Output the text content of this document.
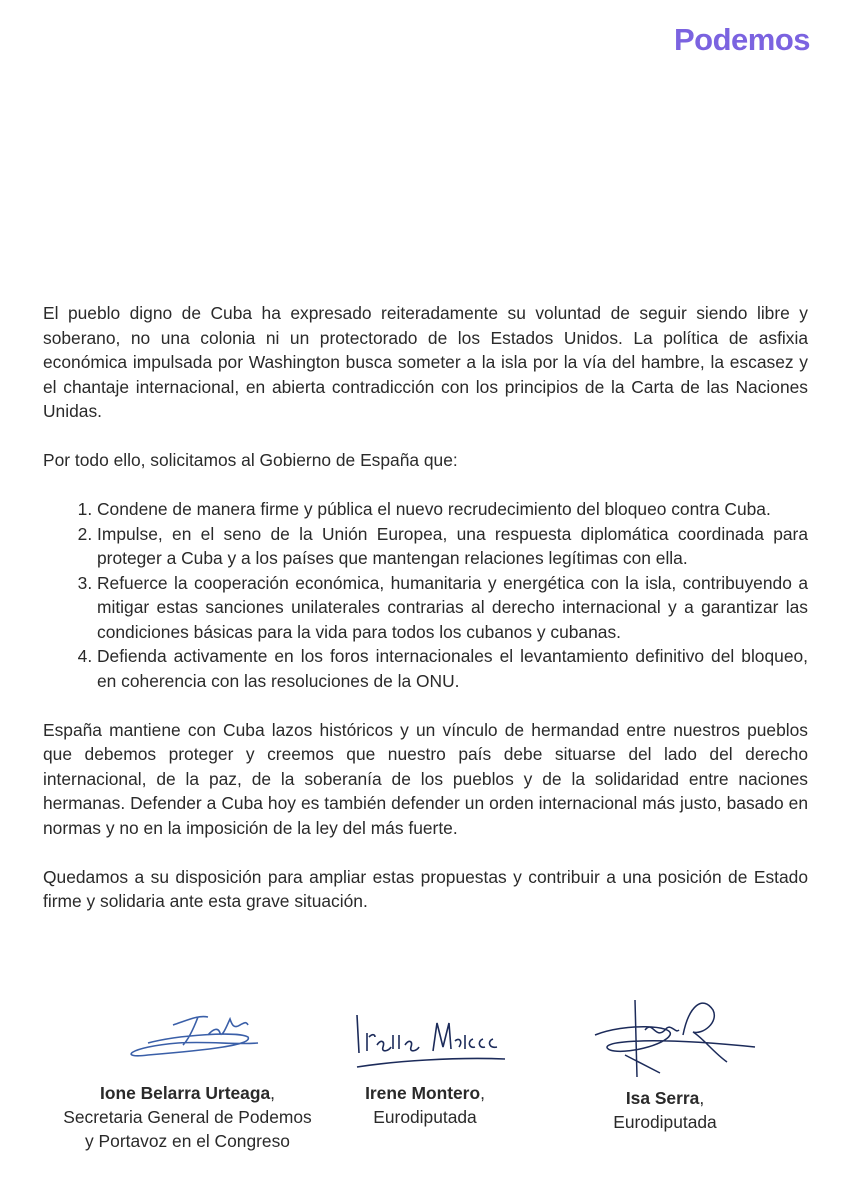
Podemos

El pueblo digno de Cuba ha expresado reiteradamente su voluntad de seguir siendo libre y soberano, no una colonia ni un protectorado de los Estados Unidos. La política de asfixia económica impulsada por Washington busca someter a la isla por la vía del hambre, la escasez y el chantaje internacional, en abierta contradicción con los principios de la Carta de las Naciones Unidas.

Por todo ello, solicitamos al Gobierno de España que:

1. Condene de manera firme y pública el nuevo recrudecimiento del bloqueo contra Cuba.
2. Impulse, en el seno de la Unión Europea, una respuesta diplomática coordinada para proteger a Cuba y a los países que mantengan relaciones legítimas con ella.
3. Refuerce la cooperación económica, humanitaria y energética con la isla, contribuyendo a mitigar estas sanciones unilaterales contrarias al derecho internacional y a garantizar las condiciones básicas para la vida para todos los cubanos y cubanas.
4. Defienda activamente en los foros internacionales el levantamiento definitivo del bloqueo, en coherencia con las resoluciones de la ONU.

España mantiene con Cuba lazos históricos y un vínculo de hermandad entre nuestros pueblos que debemos proteger y creemos que nuestro país debe situarse del lado del derecho internacional, de la paz, de la soberanía de los pueblos y de la solidaridad entre naciones hermanas. Defender a Cuba hoy es también defender un orden internacional más justo, basado en normas y no en la imposición de la ley del más fuerte.

Quedamos a su disposición para ampliar estas propuestas y contribuir a una posición de Estado firme y solidaria ante esta grave situación.

Ione Belarra Urteaga,
Secretaria General de Podemos
y Portavoz en el Congreso
Irene Montero,
Eurodiputada
Isa Serra,
Eurodiputada
